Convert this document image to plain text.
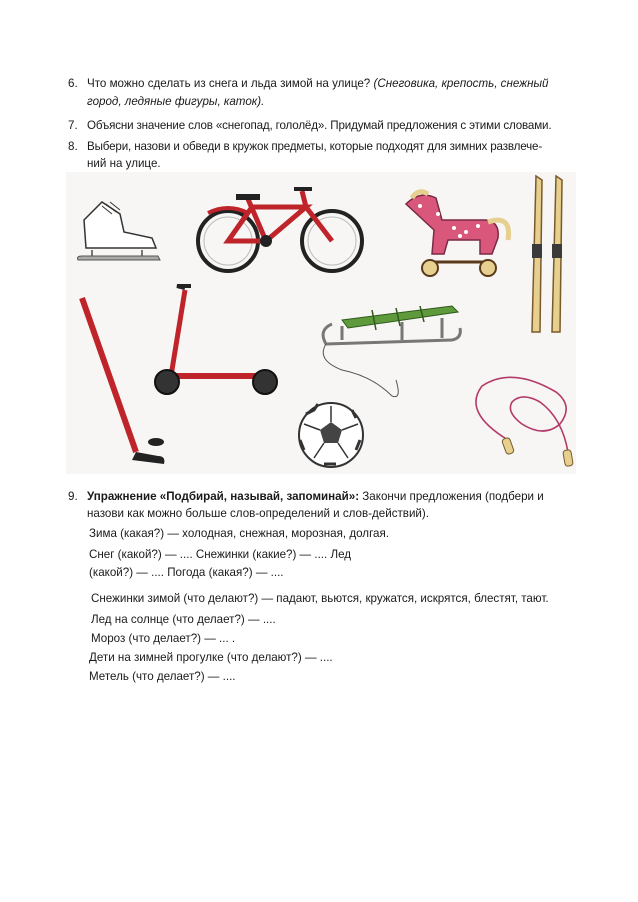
6. Что можно сделать из снега и льда зимой на улице? (Снеговика, крепость, снежный
город, ледяные фигуры, каток).
7. Объясни значение слов «снегопад, гололёд». Придумай предложения с этими словами.
8. Выбери, назови и обведи в кружок предметы, которые подходят для зимних развлече-
ний на улице.
9. Упражнение «Подбирай, называй, запоминай»: Закончи предложения (подбери и
назови как можно больше слов-определений и слов-действий).
Зима (какая?) — холодная, снежная, морозная, долгая.
Снег (какой?) — .... Снежинки (какие?) — .... Лед
(какой?) — .... Погода (какая?) — ....
Снежинки зимой (что делают?) — падают, вьются, кружатся, искрятся, блестят, тают.
Лед на солнце (что делает?) — ....
Мороз (что делает?) — ... .
Дети на зимней прогулке (что делают?) — ....
Метель (что делает?) — ....
